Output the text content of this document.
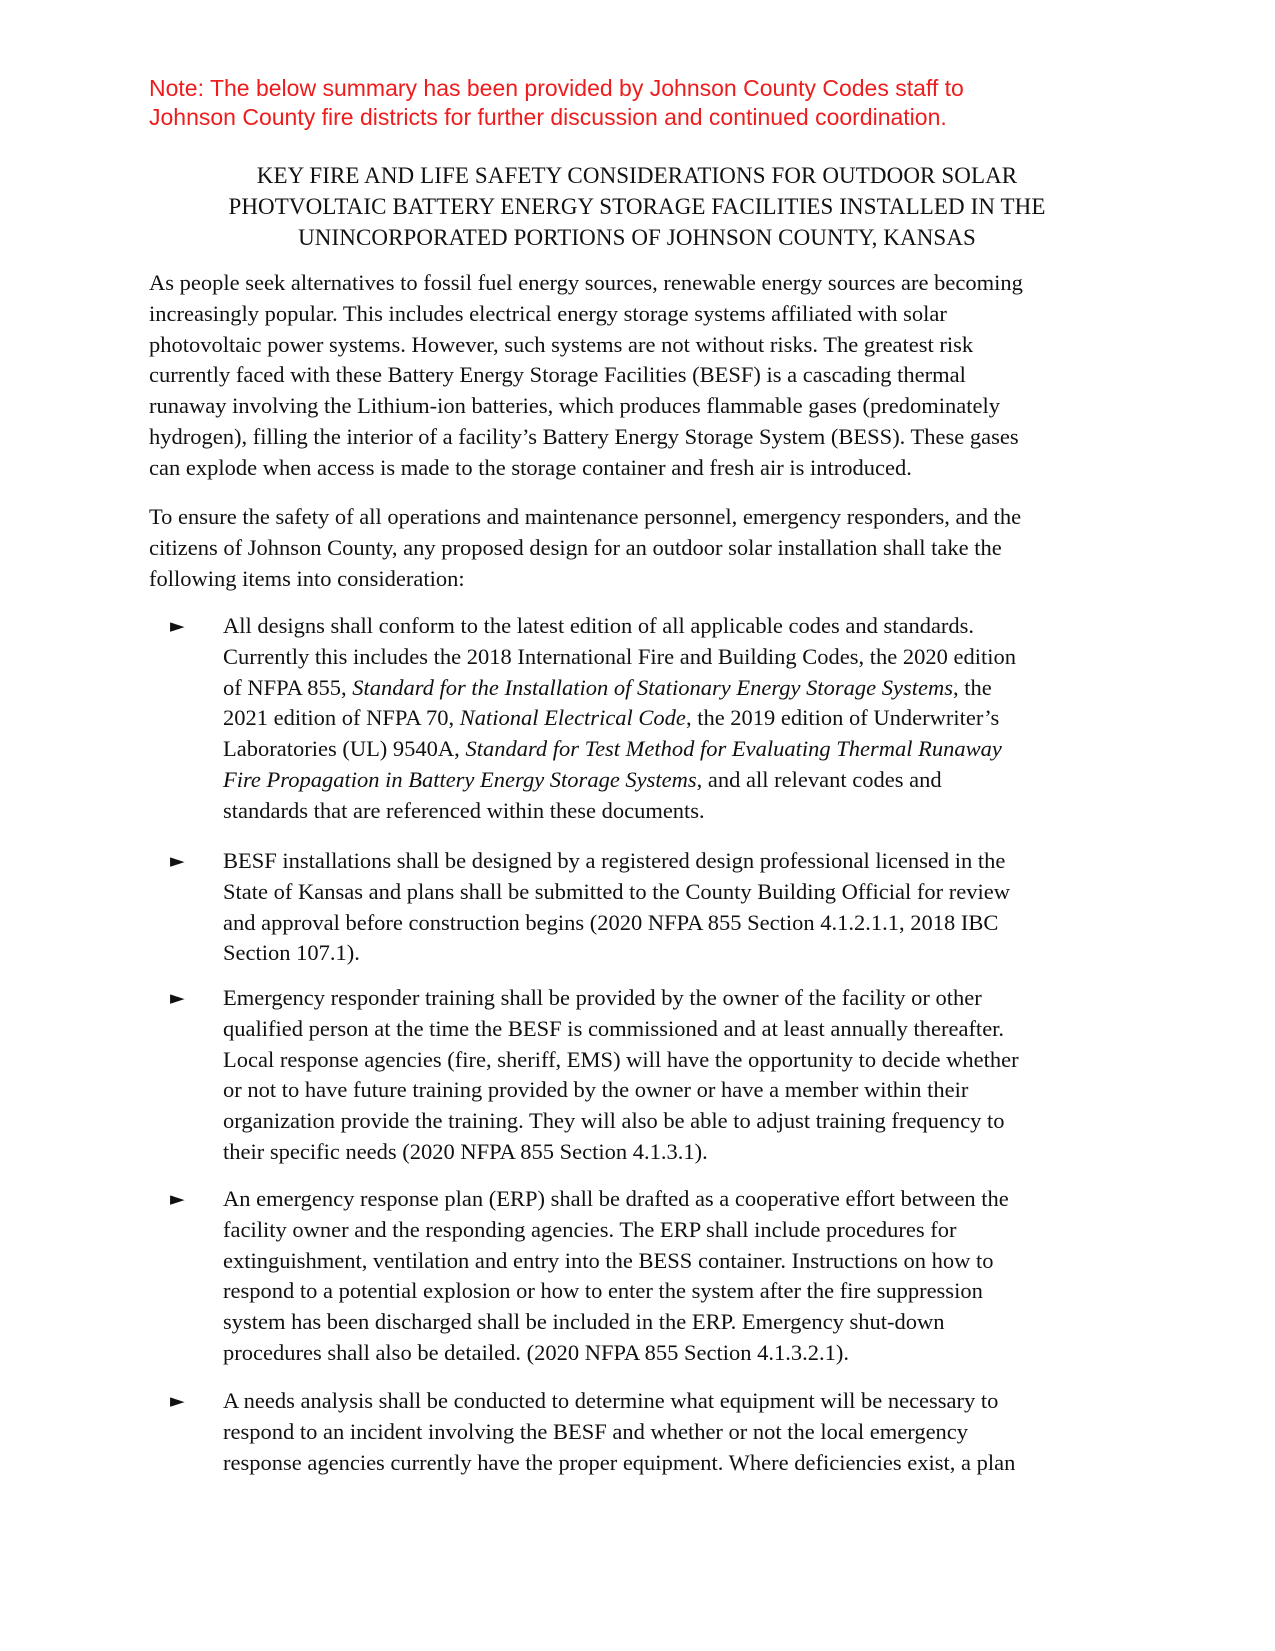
Note: The below summary has been provided by Johnson County Codes staff to
Johnson County fire districts for further discussion and continued coordination.
KEY FIRE AND LIFE SAFETY CONSIDERATIONS FOR OUTDOOR SOLAR
PHOTVOLTAIC BATTERY ENERGY STORAGE FACILITIES INSTALLED IN THE
UNINCORPORATED PORTIONS OF JOHNSON COUNTY, KANSAS
As people seek alternatives to fossil fuel energy sources, renewable energy sources are becoming
increasingly popular. This includes electrical energy storage systems affiliated with solar
photovoltaic power systems. However, such systems are not without risks. The greatest risk
currently faced with these Battery Energy Storage Facilities (BESF) is a cascading thermal
runaway involving the Lithium-ion batteries, which produces flammable gases (predominately
hydrogen), filling the interior of a facility’s Battery Energy Storage System (BESS). These gases
can explode when access is made to the storage container and fresh air is introduced.
To ensure the safety of all operations and maintenance personnel, emergency responders, and the
citizens of Johnson County, any proposed design for an outdoor solar installation shall take the
following items into consideration:
► All designs shall conform to the latest edition of all applicable codes and standards.
Currently this includes the 2018 International Fire and Building Codes, the 2020 edition
of NFPA 855, Standard for the Installation of Stationary Energy Storage Systems, the
2021 edition of NFPA 70, National Electrical Code, the 2019 edition of Underwriter’s
Laboratories (UL) 9540A, Standard for Test Method for Evaluating Thermal Runaway
Fire Propagation in Battery Energy Storage Systems, and all relevant codes and
standards that are referenced within these documents.
► BESF installations shall be designed by a registered design professional licensed in the
State of Kansas and plans shall be submitted to the County Building Official for review
and approval before construction begins (2020 NFPA 855 Section 4.1.2.1.1, 2018 IBC
Section 107.1).
► Emergency responder training shall be provided by the owner of the facility or other
qualified person at the time the BESF is commissioned and at least annually thereafter.
Local response agencies (fire, sheriff, EMS) will have the opportunity to decide whether
or not to have future training provided by the owner or have a member within their
organization provide the training. They will also be able to adjust training frequency to
their specific needs (2020 NFPA 855 Section 4.1.3.1).
► An emergency response plan (ERP) shall be drafted as a cooperative effort between the
facility owner and the responding agencies. The ERP shall include procedures for
extinguishment, ventilation and entry into the BESS container. Instructions on how to
respond to a potential explosion or how to enter the system after the fire suppression
system has been discharged shall be included in the ERP. Emergency shut-down
procedures shall also be detailed. (2020 NFPA 855 Section 4.1.3.2.1).
► A needs analysis shall be conducted to determine what equipment will be necessary to
respond to an incident involving the BESF and whether or not the local emergency
response agencies currently have the proper equipment. Where deficiencies exist, a plan
